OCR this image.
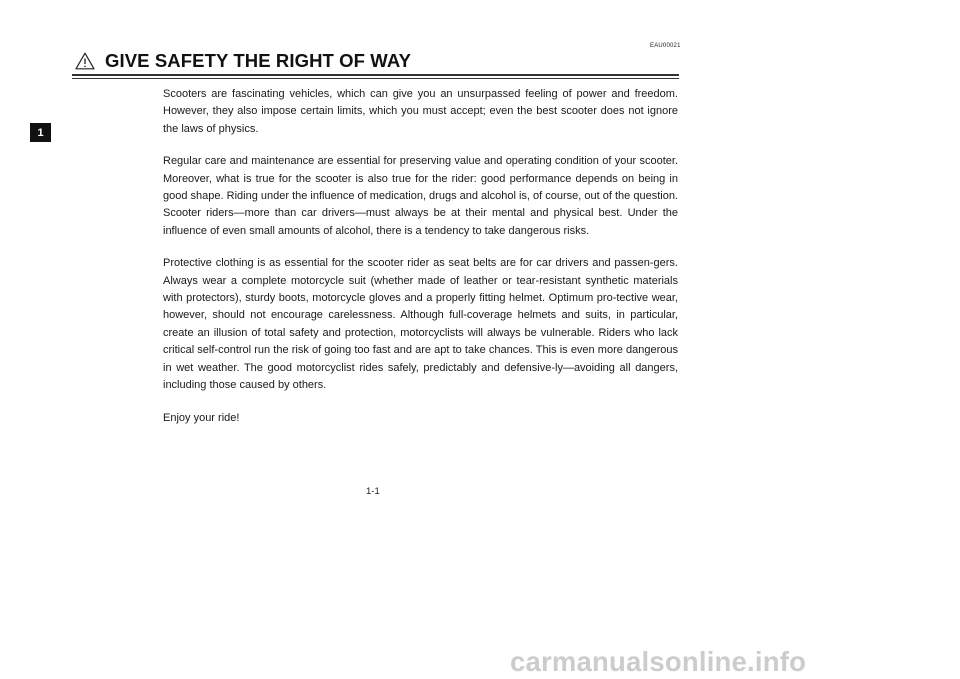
EAU00021
GIVE SAFETY THE RIGHT OF WAY
1

Scooters are fascinating vehicles, which can give you an unsurpassed feeling of power and freedom. However, they also impose certain limits, which you must accept; even the best scooter does not ignore the laws of physics.

Regular care and maintenance are essential for preserving value and operating condition of your scooter. Moreover, what is true for the scooter is also true for the rider: good performance depends on being in good shape. Riding under the influence of medication, drugs and alcohol is, of course, out of the question. Scooter riders—more than car drivers—must always be at their mental and physical best. Under the influence of even small amounts of alcohol, there is a tendency to take dangerous risks.

Protective clothing is as essential for the scooter rider as seat belts are for car drivers and passen-gers. Always wear a complete motorcycle suit (whether made of leather or tear-resistant synthetic materials with protectors), sturdy boots, motorcycle gloves and a properly fitting helmet. Optimum pro-tective wear, however, should not encourage carelessness. Although full-coverage helmets and suits, in particular, create an illusion of total safety and protection, motorcyclists will always be vulnerable. Riders who lack critical self-control run the risk of going too fast and are apt to take chances. This is even more dangerous in wet weather. The good motorcyclist rides safely, predictably and defensive-ly—avoiding all dangers, including those caused by others.

Enjoy your ride!

1-1
carmanualsonline.info
